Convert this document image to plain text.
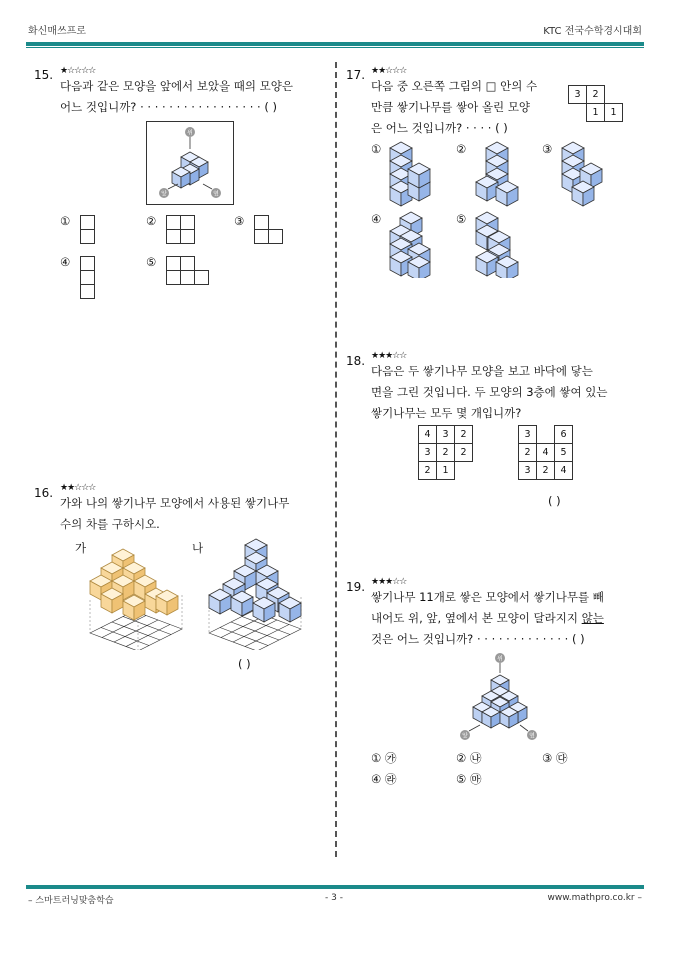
화신매쓰프로	KTC 전국수학경시대회
15. ★☆☆☆☆

다음과 같은 모양을 앞에서 보았을 때의 모양은

어느 것입니까? · · · · · · · · · · · · · · · · · ( )

위
앞	옆
①	②

		③

④	⑤

16. ★★☆☆☆

가와 나의 쌓기나무 모양에서 사용된 쌓기나무

수의 차를 구하시오.

가	나
( )
17. ★★☆☆☆

다음 중 오른쪽 그림의 □ 안의 수

만큼 쌓기나무를 쌓아 올린 모양

은 어느 것입니까? · · · · ( )

3	2	
	1	1
①	②	③
④	⑤
18. ★★★☆☆

다음은 두 쌓기나무 모양을 보고 바닥에 닿는

면을 그린 것입니다. 두 모양의 3층에 쌓여 있는

쌓기나무는 모두 몇 개입니까?

4	3	2
3	2	2
2	1	
3		6
2	4	5
3	2	4
( )
19. ★★★☆☆

쌓기나무 11개로 쌓은 모양에서 쌓기나무를 빼

내어도 위, 앞, 옆에서 본 모양이 달라지지 않는

것은 어느 것입니까? · · · · · · · · · · · · · ( )

위
앞	옆
① ㉮	② ㉯	③ ㉰
④ ㉱	⑤ ㉲
– 스마트러닝맞춤학습	- 3 -	www.mathpro.co.kr –
